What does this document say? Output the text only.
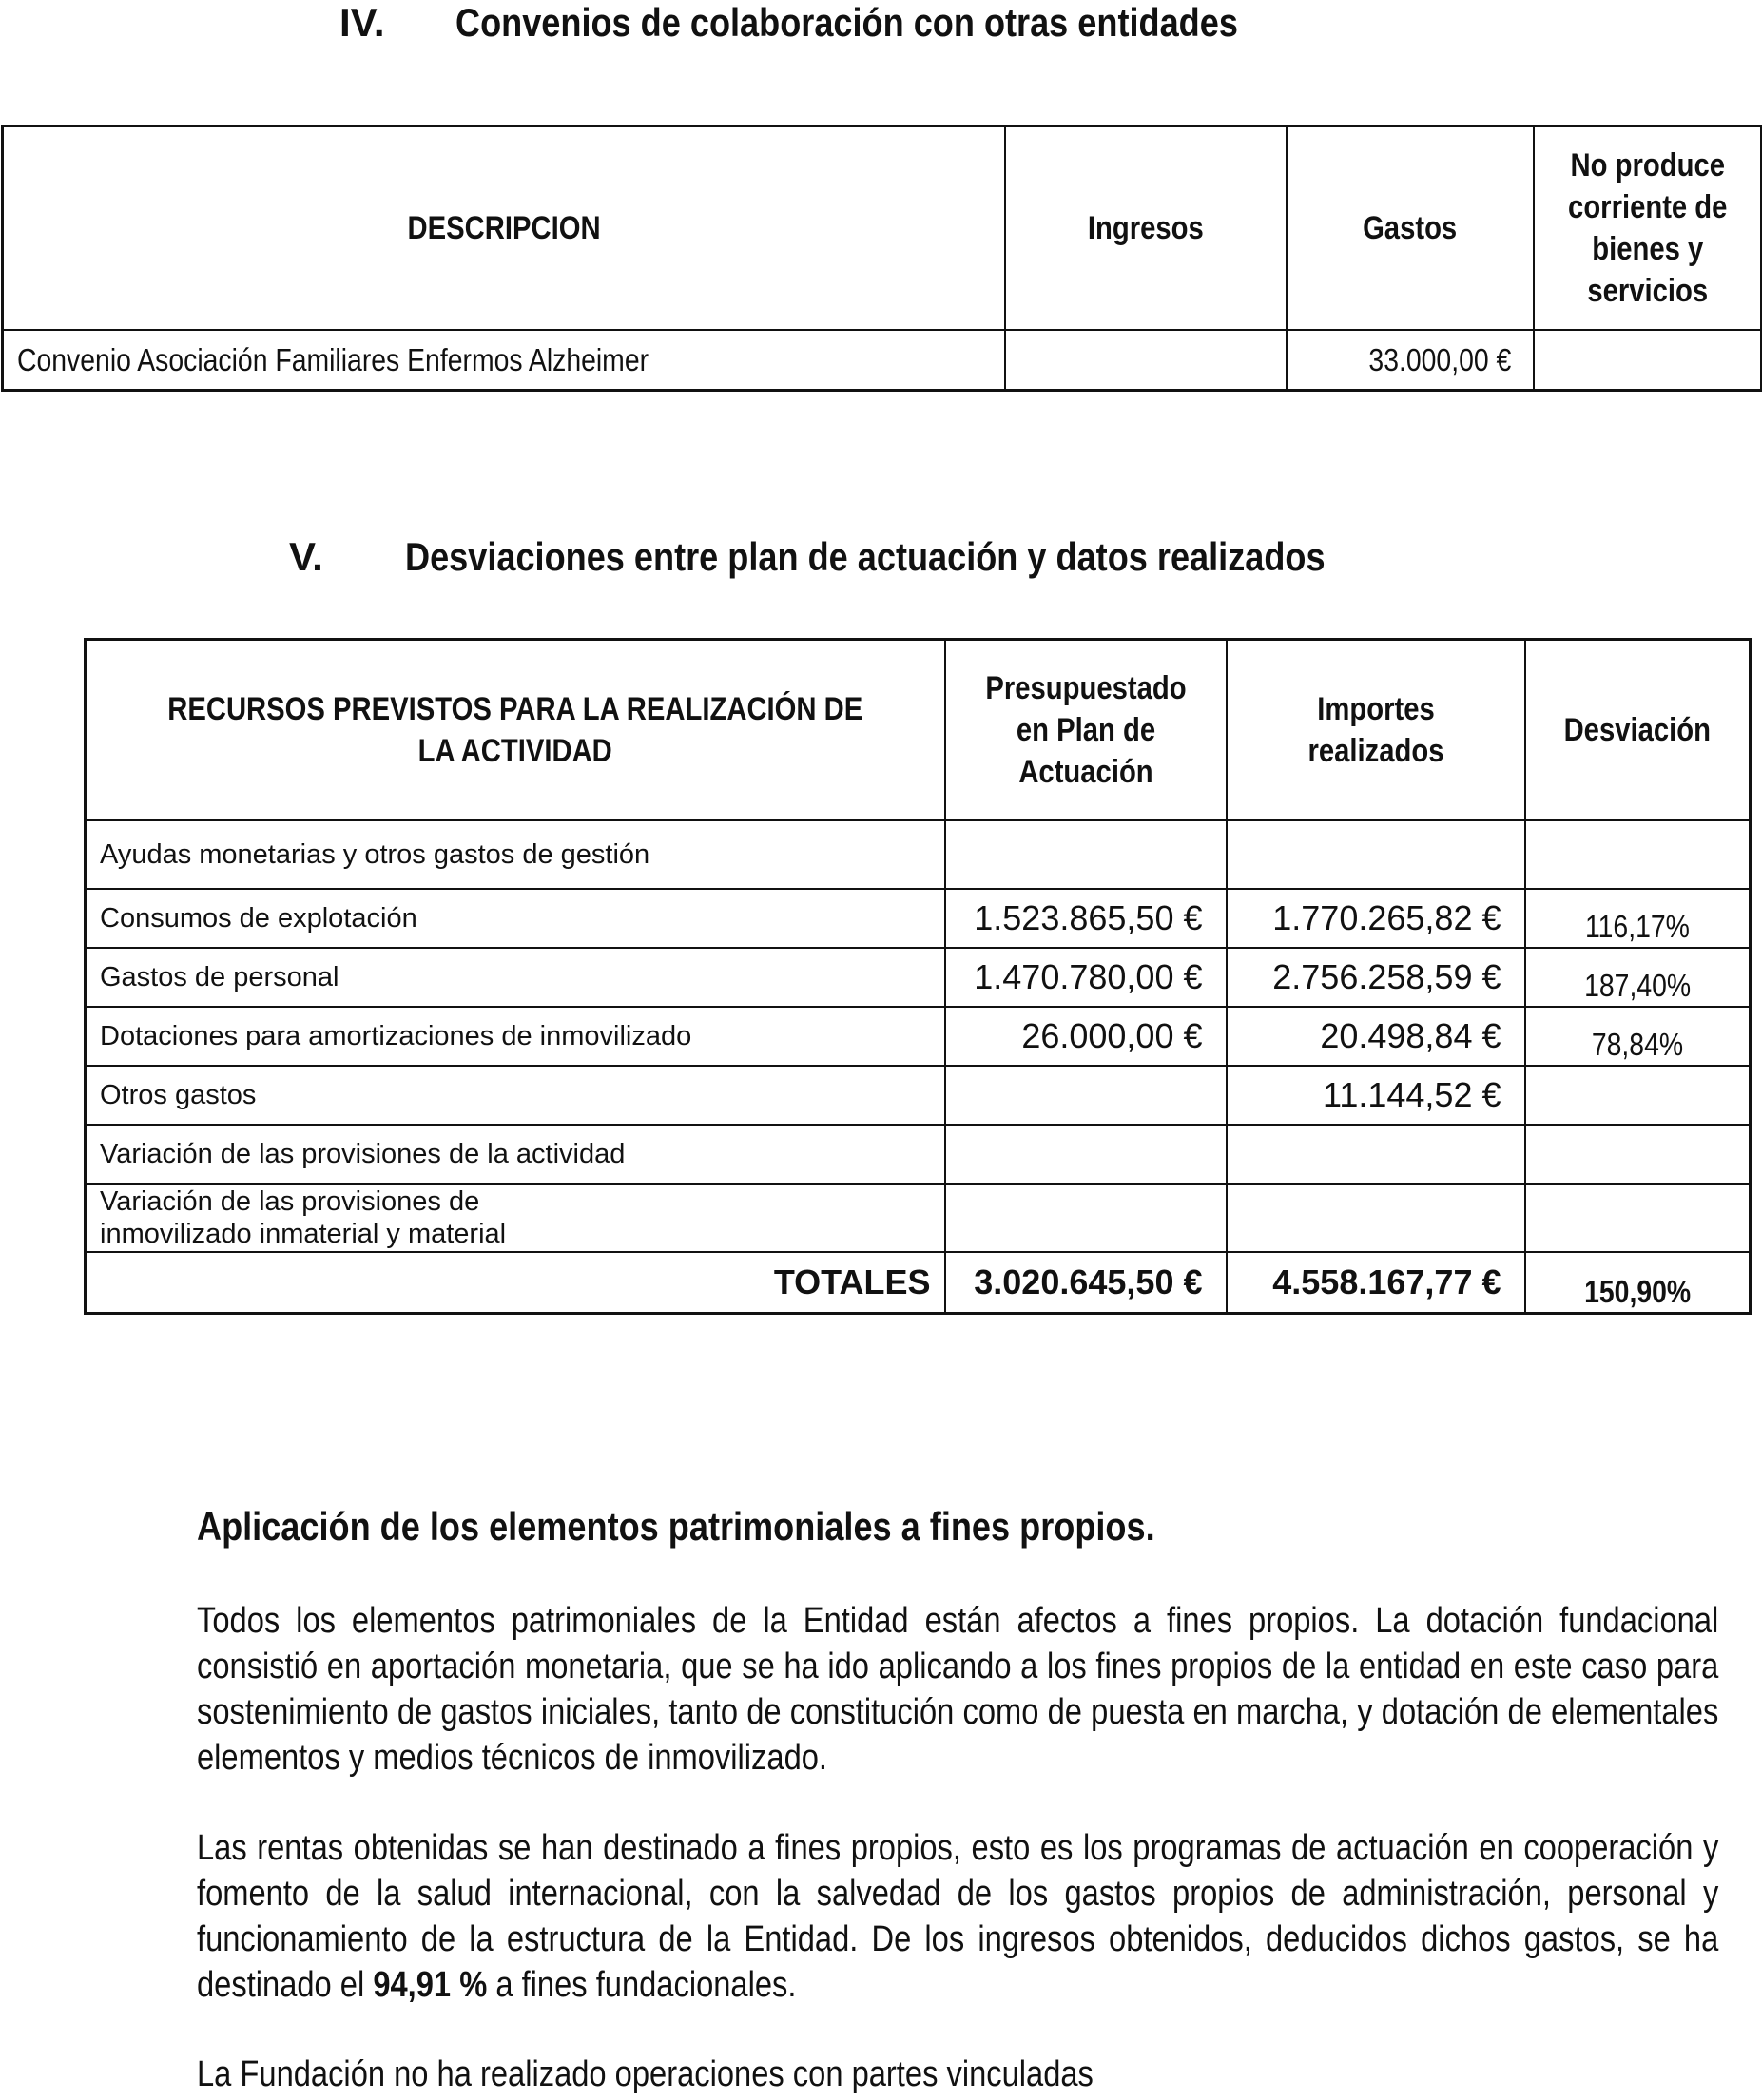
IV. Convenios de colaboración con otras entidades
DESCRIPCION	Ingresos	Gastos	No produce corriente de bienes y servicios

Convenio Asociación Familiares Enfermos Alzheimer		33.000,00 €	
V. Desviaciones entre plan de actuación y datos realizados
RECURSOS PREVISTOS PARA LA REALIZACIÓN DE LA ACTIVIDAD	Presupuestado en Plan de Actuación	Importes realizados	Desviación
Ayudas monetarias y otros gastos de gestión			
Consumos de explotación	1.523.865,50 €	1.770.265,82 €	116,17%
Gastos de personal	1.470.780,00 €	2.756.258,59 €	187,40%
Dotaciones para amortizaciones de inmovilizado	26.000,00 €	20.498,84 €	78,84%
Otros gastos		11.144,52 €	
Variación de las provisiones de la actividad			
Variación de las provisiones de inmovilizado inmaterial y material			
TOTALES	3.020.645,50 €	4.558.167,77 €	150,90%
Aplicación de los elementos patrimoniales a fines propios.
Todos los elementos patrimoniales de la Entidad están afectos a fines propios. La dotación fundacional consistió en aportación monetaria, que se ha ido aplicando a los fines propios de la entidad en este caso para sostenimiento de gastos iniciales, tanto de constitución como de puesta en marcha, y dotación de elementales elementos y medios técnicos de inmovilizado.
Las rentas obtenidas se han destinado a fines propios, esto es los programas de actuación en cooperación y fomento de la salud internacional, con la salvedad de los gastos propios de administración, personal y funcionamiento de la estructura de la Entidad. De los ingresos obtenidos, deducidos dichos gastos, se ha destinado el 94,91 % a fines fundacionales.
La Fundación no ha realizado operaciones con partes vinculadas
